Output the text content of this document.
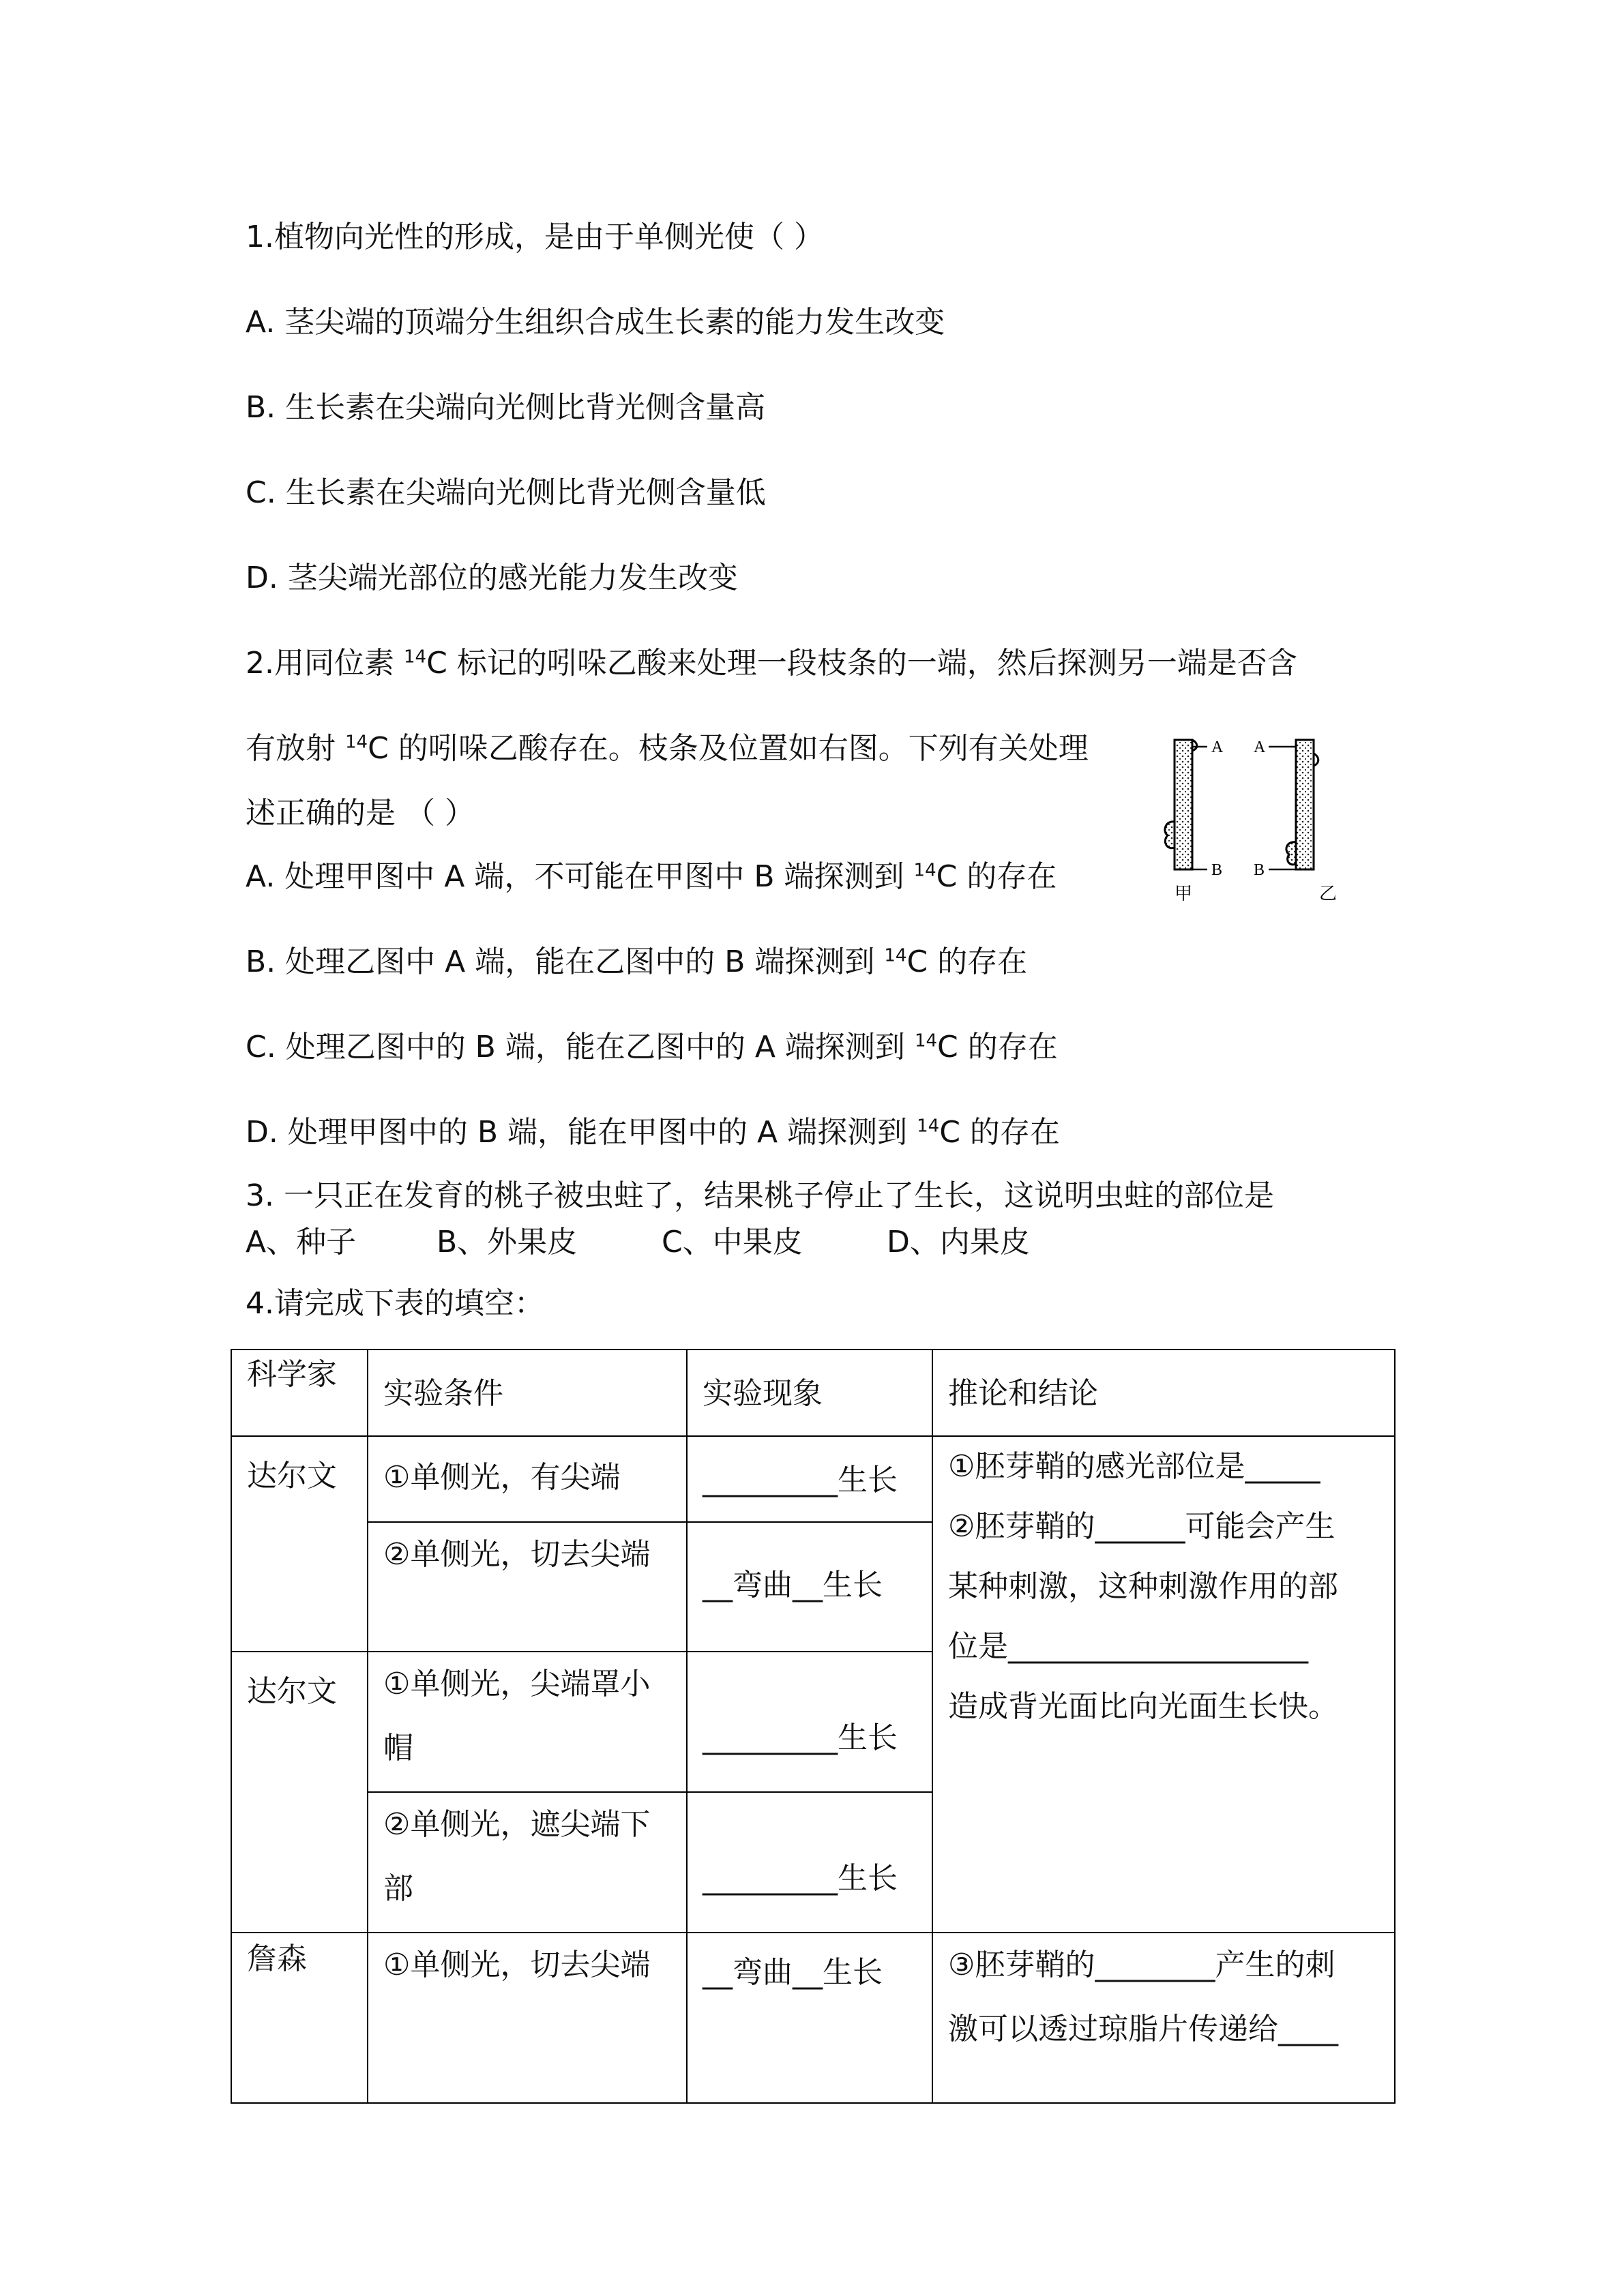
1.植物向光性的形成，是由于单侧光使（ ）
A. 茎尖端的顶端分生组织合成生长素的能力发生改变
B. 生长素在尖端向光侧比背光侧含量高
C. 生长素在尖端向光侧比背光侧含量低
D. 茎尖端光部位的感光能力发生改变
2.用同位素 $^{14}$C 标记的吲哚乙酸来处理一段枝条的一端，然后探测另一端是否含
有放射 $^{14}$C 的吲哚乙酸存在。枝条及位置如右图。下列有关处理
述正确的是 （ ）
A. 处理甲图中 A 端，不可能在甲图中 B 端探测到 $^{14}$C 的存在
B. 处理乙图中 A 端，能在乙图中的 B 端探测到 $^{14}$C 的存在
C. 处理乙图中的 B 端，能在乙图中的 A 端探测到 $^{14}$C 的存在
D. 处理甲图中的 B 端，能在甲图中的 A 端探测到 $^{14}$C 的存在
A
B
A
B
甲	乙
3. 一只正在发育的桃子被虫蛀了，结果桃子停止了生长，这说明虫蛀的部位是
A、种子	B、外果皮	C、中果皮	D、内果皮
4.请完成下表的填空：
科学家	实验条件	实验现象	推论和结论
达尔文	①单侧光，有尖端	_________生长	①胚芽鞘的感光部位是_____
②胚芽鞘的______可能会产生
某种刺激，这种刺激作用的部
位是____________________
造成背光面比向光面生长快。

	②单侧光，切去尖端	__弯曲__生长	
达尔文	①单侧光，尖端罩小帽	_________生长	
	②单侧光，遮尖端下部	_________生长	
詹森	①单侧光，切去尖端	__弯曲__生长	③胚芽鞘的________产生的刺
激可以透过琼脂片传递给____
